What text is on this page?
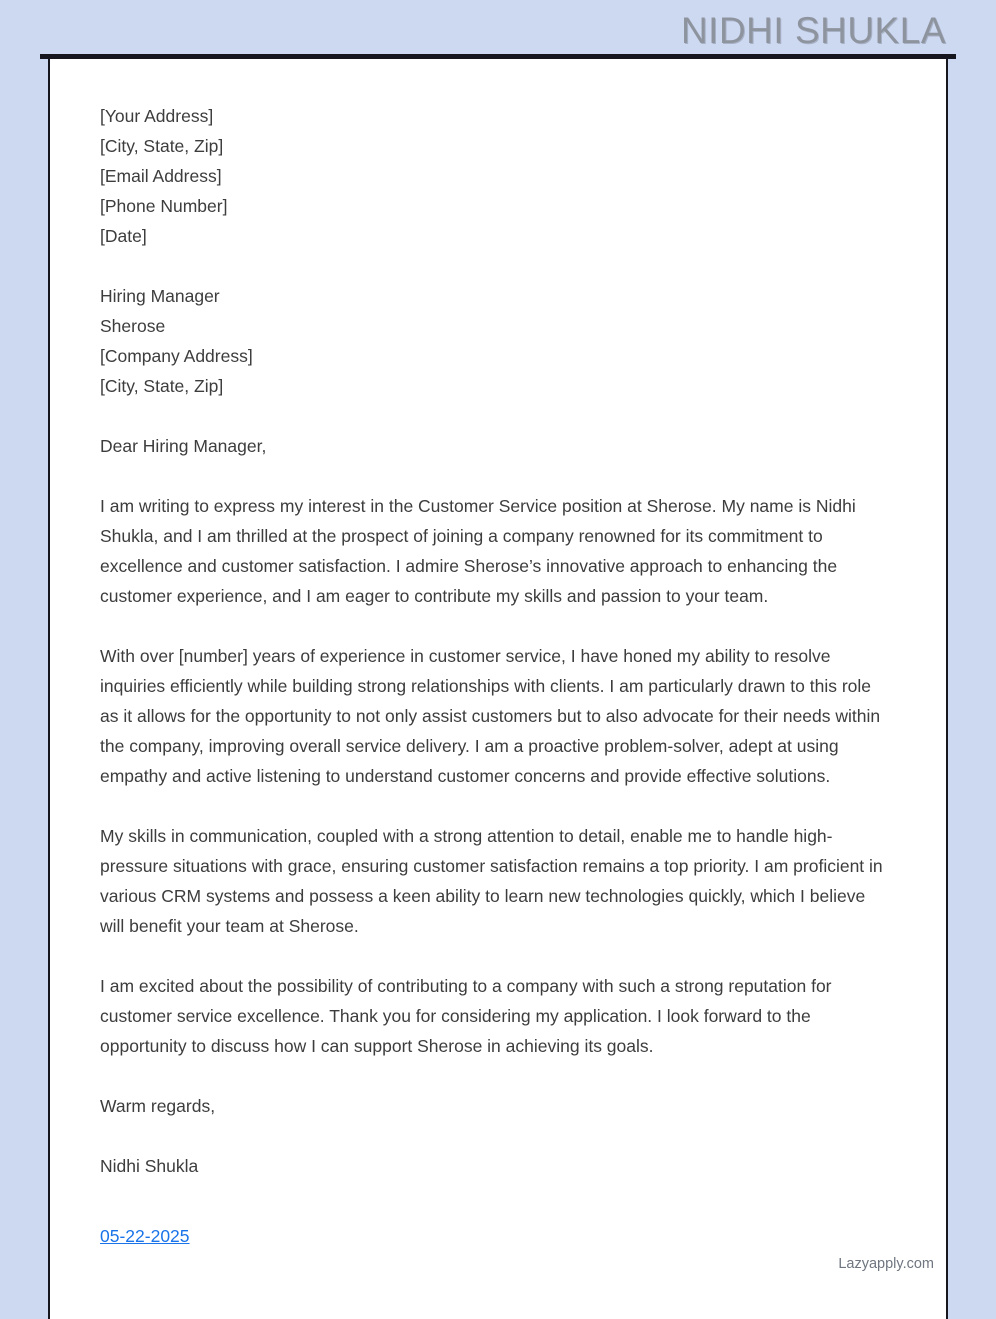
NIDHI SHUKLA
[Your Address]
[City, State, Zip]
[Email Address]
[Phone Number]
[Date]
Hiring Manager
Sherose
[Company Address]
[City, State, Zip]

Dear Hiring Manager,

I am writing to express my interest in the Customer Service position at Sherose. My name is Nidhi Shukla, and I am thrilled at the prospect of joining a company renowned for its commitment to excellence and customer satisfaction. I admire Sherose’s innovative approach to enhancing the customer experience, and I am eager to contribute my skills and passion to your team.

With over [number] years of experience in customer service, I have honed my ability to resolve inquiries efficiently while building strong relationships with clients. I am particularly drawn to this role as it allows for the opportunity to not only assist customers but to also advocate for their needs within the company, improving overall service delivery. I am a proactive problem-solver, adept at using empathy and active listening to understand customer concerns and provide effective solutions.

My skills in communication, coupled with a strong attention to detail, enable me to handle high-pressure situations with grace, ensuring customer satisfaction remains a top priority. I am proficient in various CRM systems and possess a keen ability to learn new technologies quickly, which I believe will benefit your team at Sherose.

I am excited about the possibility of contributing to a company with such a strong reputation for customer service excellence. Thank you for considering my application. I look forward to the opportunity to discuss how I can support Sherose in achieving its goals.

Warm regards,

Nidhi Shukla

05-22-2025
Lazyapply.com
